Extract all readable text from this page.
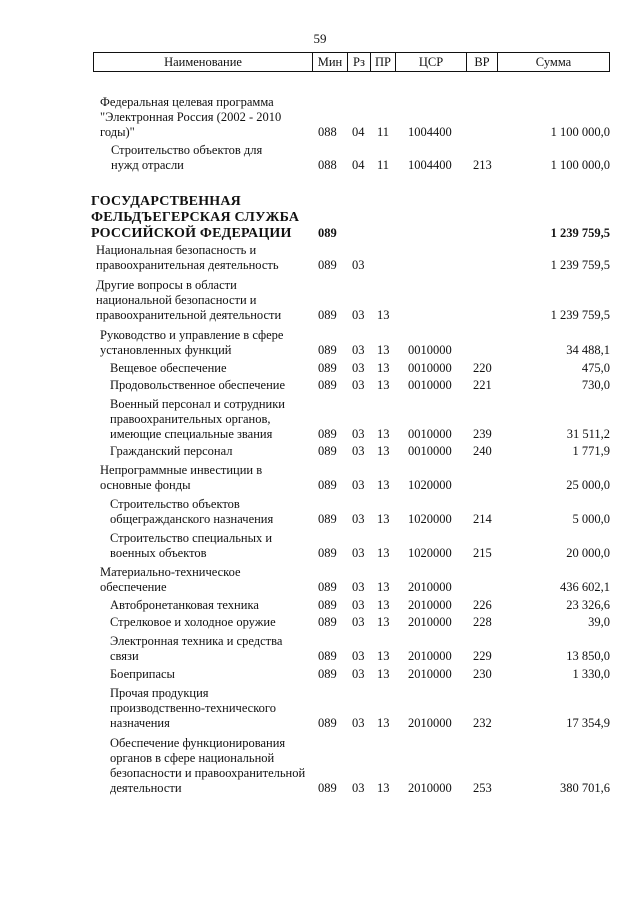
59
Наименование	Мин	Рз	ПР	ЦСР	ВР	Сумма
Федеральная целевая программа
"Электронная Россия (2002 - 2010
годы)"	088 04 11 1004400	1 100 000,0
Строительство объектов для
нужд отрасли	088 04 11 1004400 213	1 100 000,0
ГОСУДАРСТВЕННАЯ
ФЕЛЬДЪЕГЕРСКАЯ СЛУЖБА
РОССИЙСКОЙ ФЕДЕРАЦИИ	089	1 239 759,5
Национальная безопасность и
правоохранительная деятельность	089 03	1 239 759,5
Другие вопросы в области
национальной безопасности и
правоохранительной деятельности	089 03 13	1 239 759,5
Руководство и управление в сфере
установленных функций	089 03 13 0010000	34 488,1
Вещевое обеспечение	089 03 13 0010000 220	475,0
Продовольственное обеспечение	089 03 13 0010000 221	730,0
Военный персонал и сотрудники
правоохранительных органов,
имеющие специальные звания	089 03 13 0010000 239	31 511,2
Гражданский персонал	089 03 13 0010000 240	1 771,9
Непрограммные инвестиции в
основные фонды	089 03 13 1020000	25 000,0
Строительство объектов
общегражданского назначения	089 03 13 1020000 214	5 000,0
Строительство специальных и
военных объектов	089 03 13 1020000 215	20 000,0
Материально-техническое
обеспечение	089 03 13 2010000	436 602,1
Автобронетанковая техника	089 03 13 2010000 226	23 326,6
Стрелковое и холодное оружие	089 03 13 2010000 228	39,0
Электронная техника и средства
связи	089 03 13 2010000 229	13 850,0
Боеприпасы	089 03 13 2010000 230	1 330,0
Прочая продукция
производственно-технического
назначения	089 03 13 2010000 232	17 354,9
Обеспечение функционирования
органов в сфере национальной
безопасности и правоохранительной
деятельности	089 03 13 2010000 253	380 701,6
